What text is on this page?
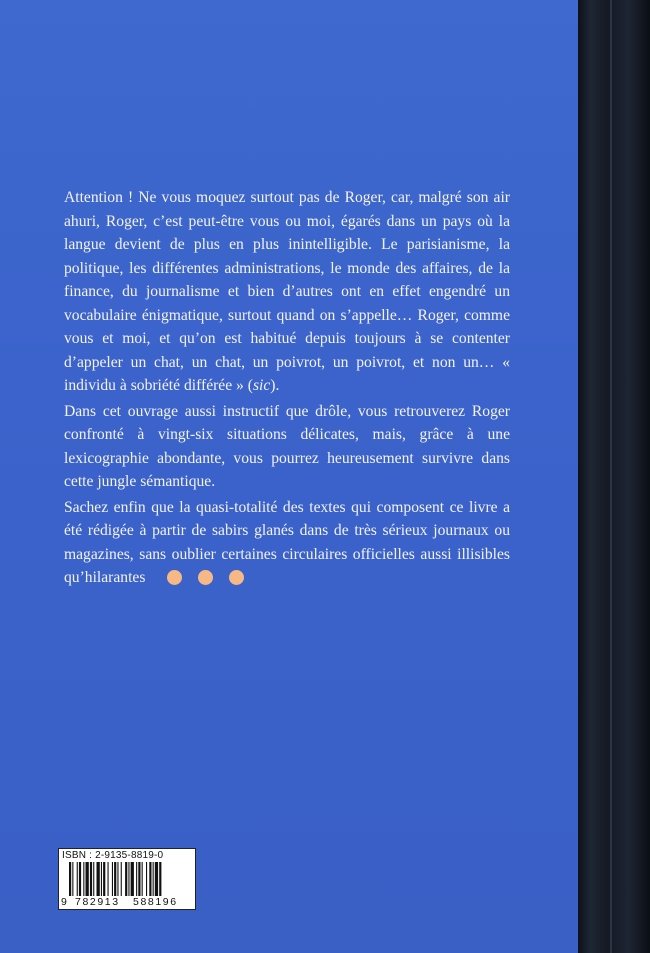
Attention ! Ne vous moquez surtout pas de Roger, car, malgré son air ahuri, Roger, c’est peut-être vous ou moi, égarés dans un pays où la langue devient de plus en plus inintelligible. Le parisianisme, la politique, les différentes administrations, le monde des affaires, de la finance, du journalisme et bien d’autres ont en effet engendré un vocabulaire énigmatique, surtout quand on s’appelle… Roger, comme vous et moi, et qu’on est habitué depuis toujours à se contenter d’appeler un chat, un chat, un poivrot, un poivrot, et non un… « individu à sobriété différée » (sic).

Dans cet ouvrage aussi instructif que drôle, vous retrouverez Roger confronté à vingt-six situations délicates, mais, grâce à une lexicographie abondante, vous pourrez heureusement survivre dans cette jungle sémantique.

Sachez enfin que la quasi-totalité des textes qui composent ce livre a été rédigée à partir de sabirs glanés dans de très sérieux journaux ou magazines, sans oublier certaines circulaires officielles aussi illisibles qu’hilarantes

ISBN : 2-9135-8819-0
9 782913 588196
